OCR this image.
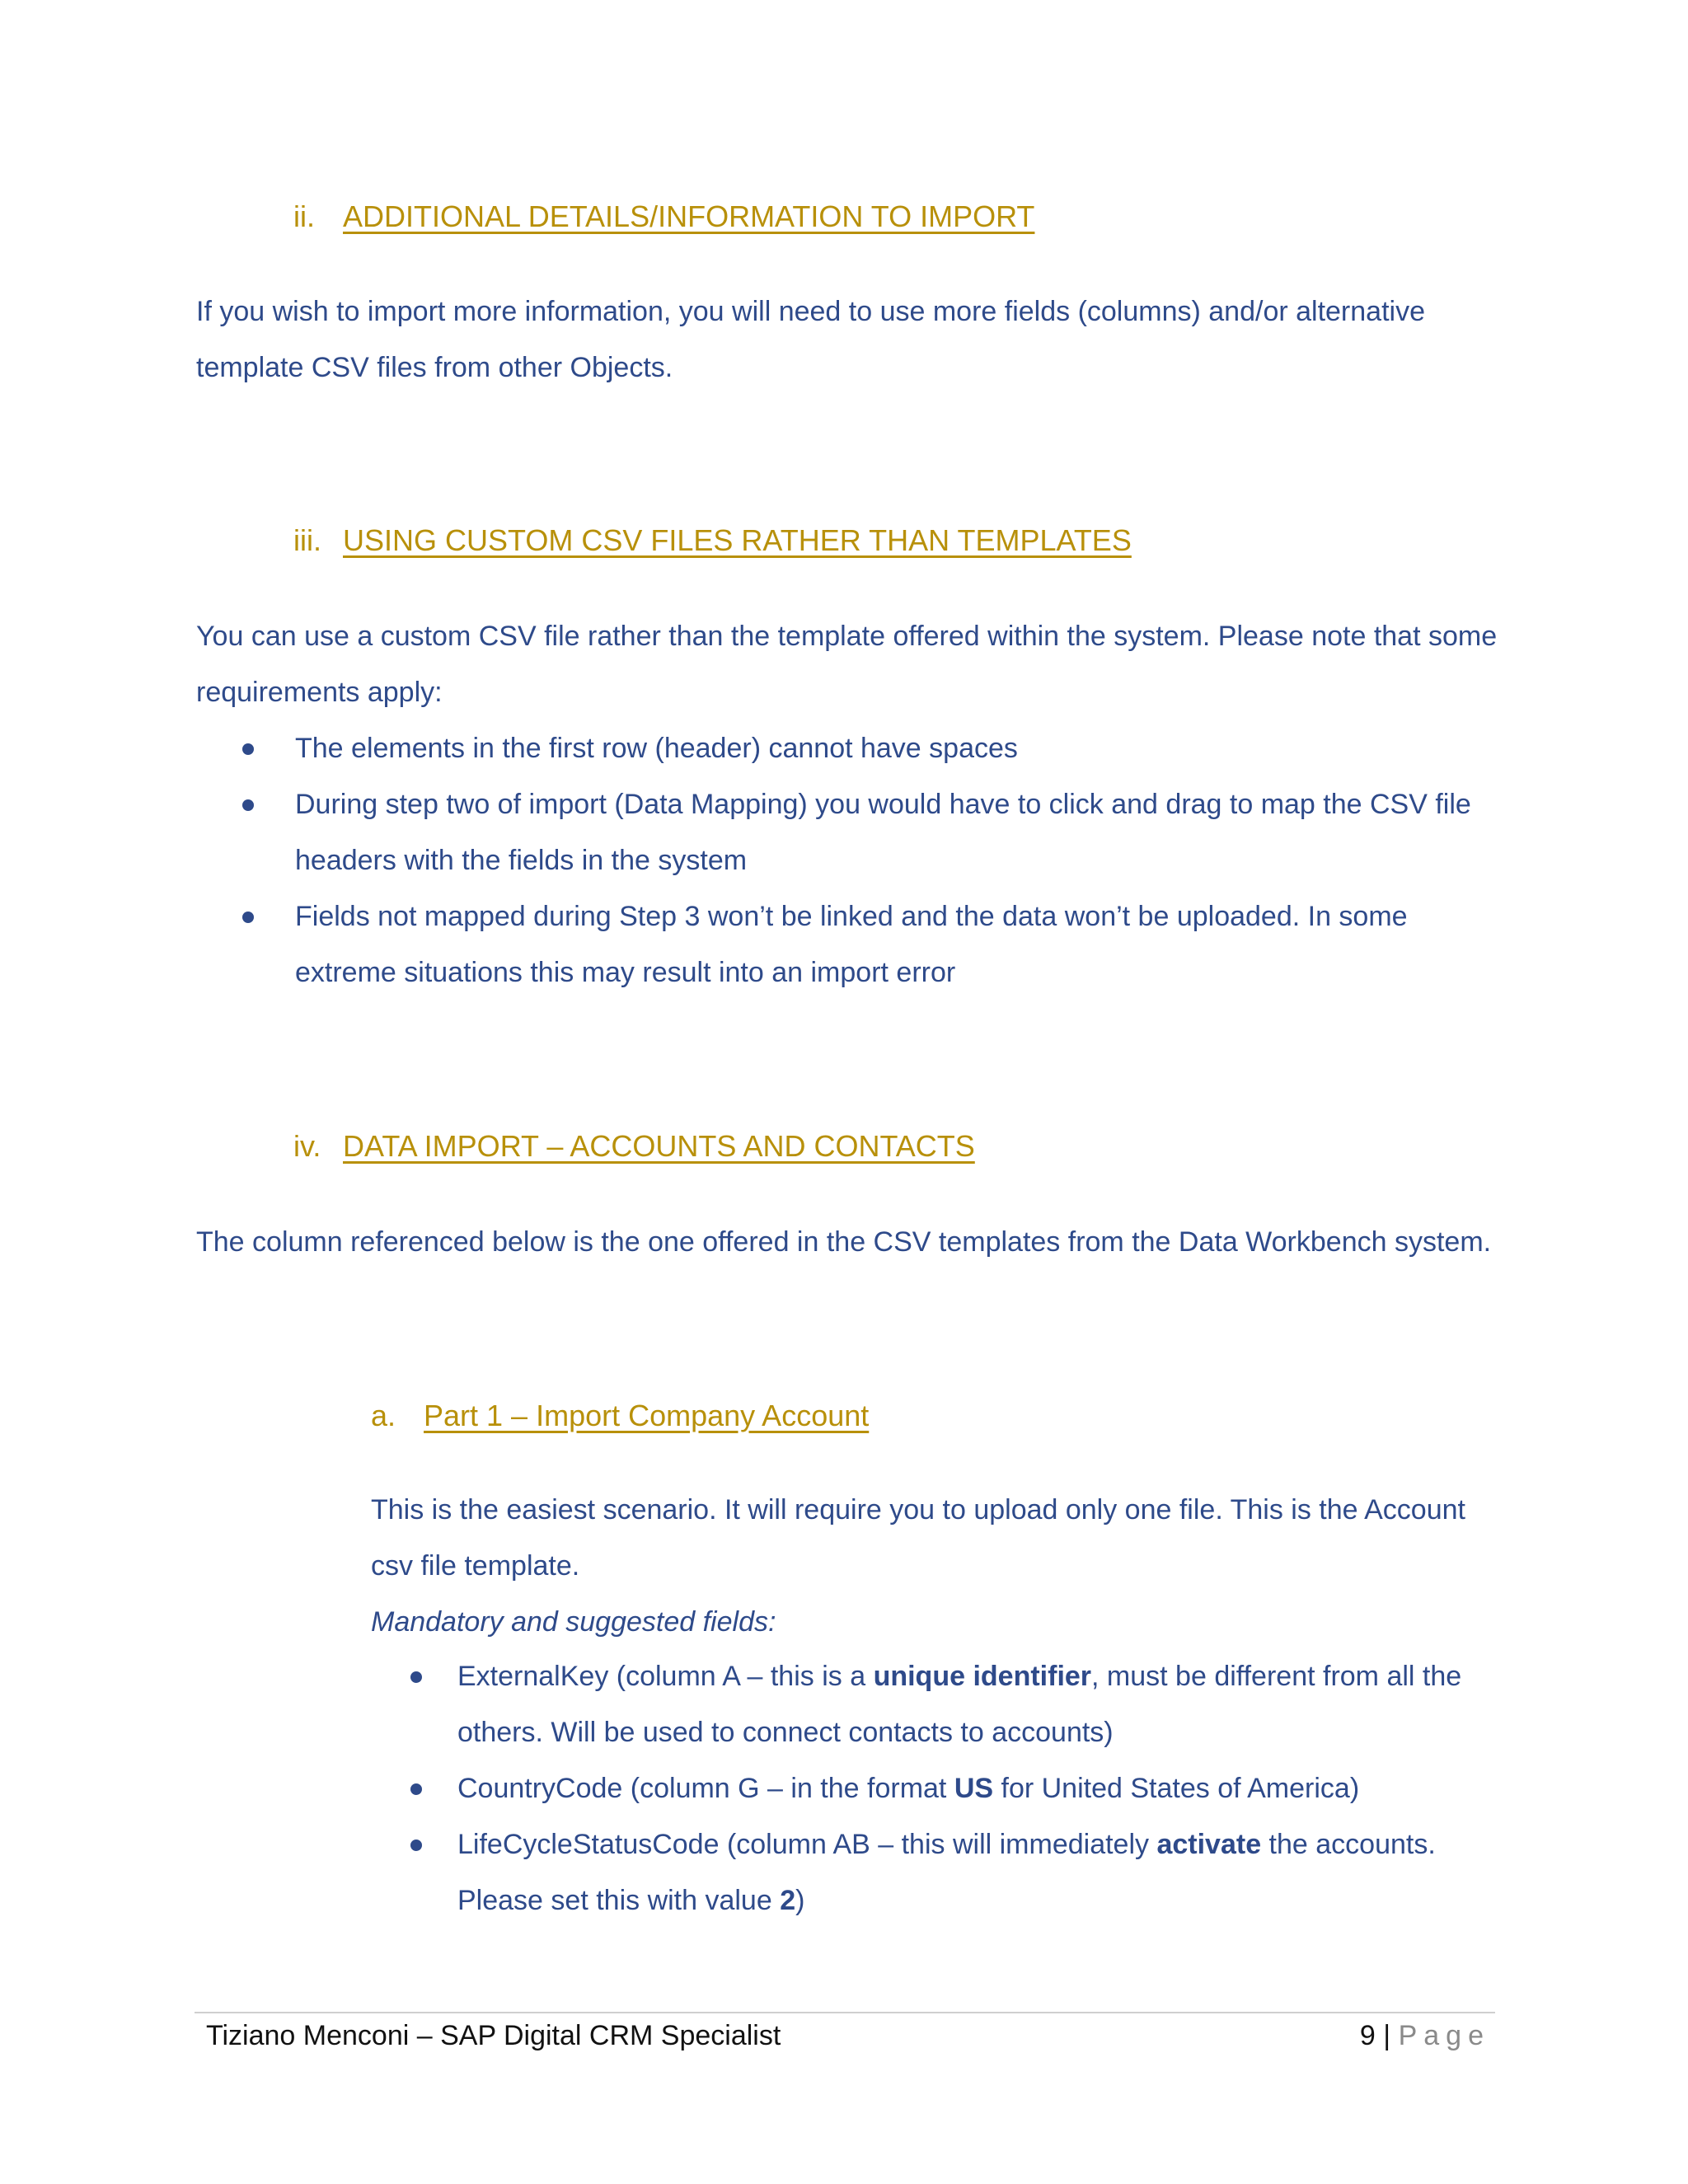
ii. ADDITIONAL DETAILS/INFORMATION TO IMPORT

If you wish to import more information, you will need to use more fields (columns) and/or alternative template CSV files from other Objects.

iii. USING CUSTOM CSV FILES RATHER THAN TEMPLATES

You can use a custom CSV file rather than the template offered within the system. Please note that some requirements apply:

The elements in the first row (header) cannot have spaces
During step two of import (Data Mapping) you would have to click and drag to map the CSV file headers with the fields in the system
Fields not mapped during Step 3 won’t be linked and the data won’t be uploaded. In some extreme situations this may result into an import error
iv. DATA IMPORT – ACCOUNTS AND CONTACTS

The column referenced below is the one offered in the CSV templates from the Data Workbench system.

a. Part 1 – Import Company Account

This is the easiest scenario. It will require you to upload only one file. This is the Account csv file template.

Mandatory and suggested fields:

ExternalKey (column A – this is a unique identifier, must be different from all the others. Will be used to connect contacts to accounts)
CountryCode (column G – in the format US for United States of America)
LifeCycleStatusCode (column AB – this will immediately activate the accounts. Please set this with value 2)
Tiziano Menconi – SAP Digital CRM Specialist	9 | Page
